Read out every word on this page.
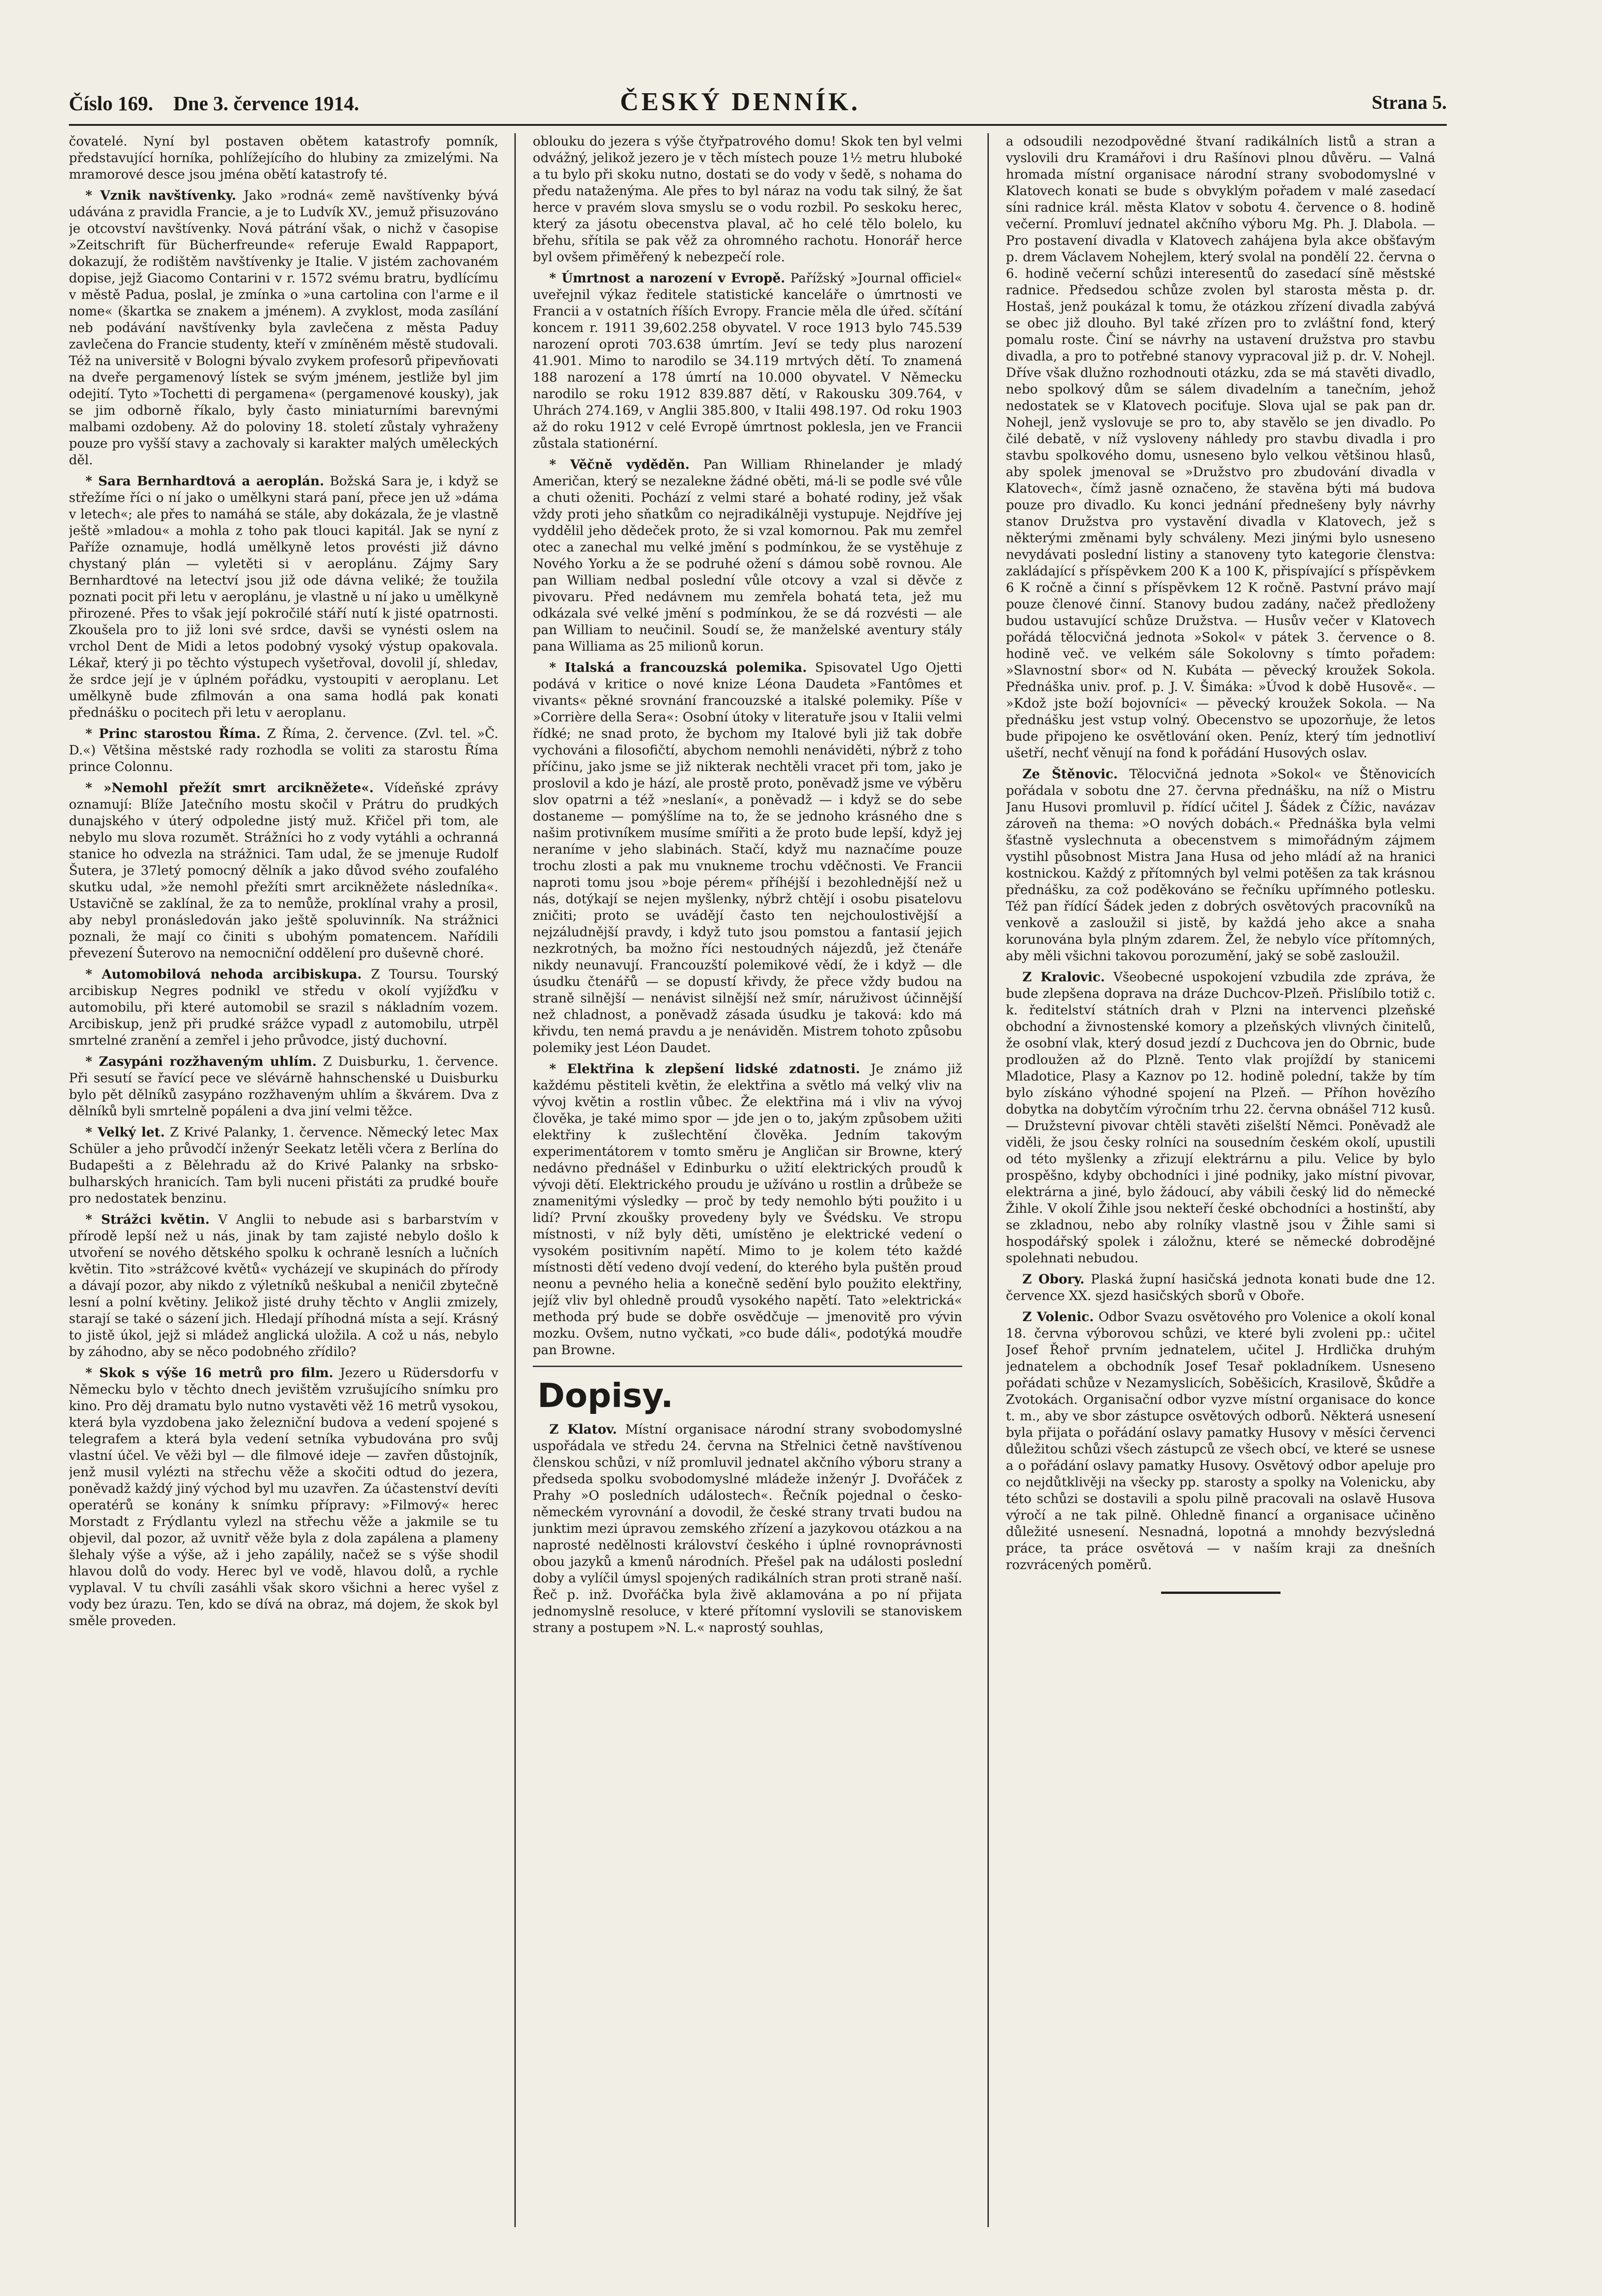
Číslo 169. Dne 3. července 1914.	ČESKÝ DENNÍK.	Strana 5.

čovatelé. Nyní byl postaven obětem katastrofy pomník, představující horníka, pohlížejícího do hlubiny za zmizelými. Na mramorové desce jsou jména obětí katastrofy té.

* Vznik navštívenky. Jako »rodná« země navštívenky bývá udávána z pravidla Francie, a je to Ludvík XV., jemuž přisuzováno je otcovství navštívenky. Nová pátrání však, o nichž v časopise »Zeitschrift für Bücherfreunde« referuje Ewald Rappaport, dokazují, že rodištěm navštívenky je Italie. V jistém zachovaném dopise, jejž Giacomo Contarini v r. 1572 svému bratru, bydlícímu v městě Padua, poslal, je zmínka o »una cartolina con l'arme e il nome« (škartka se znakem a jménem). A zvyklost, moda zasílání neb podávání navštívenky byla zavlečena z města Paduy zavlečena do Francie studenty, kteří v zmíněném městě studovali. Též na universitě v Bologni bývalo zvykem profesorů připevňovati na dveře pergamenový lístek se svým jménem, jestliže byl jim odejití. Tyto »Tochetti di pergamena« (pergamenové kousky), jak se jim odborně říkalo, byly často miniaturními barevnými malbami ozdobeny. Až do poloviny 18. století zůstaly vyhraženy pouze pro vyšší stavy a zachovaly si karakter malých uměleckých děl.

* Sara Bernhardtová a aeroplán. Božská Sara je, i když se střežíme říci o ní jako o umělkyni stará paní, přece jen už »dáma v letech«; ale přes to namáhá se stále, aby dokázala, že je vlastně ještě »mladou« a mohla z toho pak tlouci kapitál. Jak se nyní z Paříže oznamuje, hodlá umělkyně letos provésti již dávno chystaný plán — vyletěti si v aeroplánu. Zájmy Sary Bernhardtové na letectví jsou již ode dávna veliké; že toužila poznati pocit při letu v aeroplánu, je vlastně u ní jako u umělkyně přirozené. Přes to však její pokročilé stáří nutí k jisté opatrnosti. Zkoušela pro to již loni své srdce, davši se vynésti oslem na vrchol Dent de Midi a letos podobný vysoký výstup opakovala. Lékař, který ji po těchto výstupech vyšetřoval, dovolil jí, shledav, že srdce její je v úplném pořádku, vystoupiti v aeroplanu. Let umělkyně bude zfilmován a ona sama hodlá pak konati přednášku o pocitech při letu v aeroplanu.

* Princ starostou Říma. Z Říma, 2. července. (Zvl. tel. »Č. D.«) Většina městské rady rozhodla se voliti za starostu Říma prince Colonnu.

* »Nemohl přežít smrt arcikněžete«. Vídeňské zprávy oznamují: Blíže Jatečního mostu skočil v Prátru do prudkých dunajského v úterý odpoledne jistý muž. Křičel při tom, ale nebylo mu slova rozumět. Strážníci ho z vody vytáhli a ochranná stanice ho odvezla na strážnici. Tam udal, že se jmenuje Rudolf Šutera, je 37letý pomocný dělník a jako důvod svého zoufalého skutku udal, »že nemohl přežíti smrt arcikněžete následníka«. Ustavičně se zaklínal, že za to nemůže, proklínal vrahy a prosil, aby nebyl pronásledován jako ještě spoluvinník. Na strážnici poznali, že mají co činiti s ubohým pomatencem. Nařídili převezení Šuterovo na nemocniční oddělení pro duševně choré.

* Automobilová nehoda arcibiskupa. Z Toursu. Tourský arcibiskup Negres podnikl ve středu v okolí vyjížďku v automobilu, při které automobil se srazil s nákladním vozem. Arcibiskup, jenž při prudké srážce vypadl z automobilu, utrpěl smrtelné zranění a zemřel i jeho průvodce, jistý duchovní.

* Zasypáni rozžhaveným uhlím. Z Duisburku, 1. července. Při sesutí se řavící pece ve slévárně hahnschenské u Duisburku bylo pět dělníků zasypáno rozžhaveným uhlím a škvárem. Dva z dělníků byli smrtelně popáleni a dva jiní velmi těžce.

* Velký let. Z Krivé Palanky, 1. července. Německý letec Max Schüler a jeho průvodčí inženýr Seekatz letěli včera z Berlína do Budapešti a z Bělehradu až do Krivé Palanky na srbsko-bulharských hranicích. Tam byli nuceni přistáti za prudké bouře pro nedostatek benzinu.

* Strážci květin. V Anglii to nebude asi s barbarstvím v přírodě lepší než u nás, jinak by tam zajisté nebylo došlo k utvoření se nového dětského spolku k ochraně lesních a lučních květin. Tito »strážcové květů« vycházejí ve skupinách do přírody a dávají pozor, aby nikdo z výletníků neškubal a neničil zbytečně lesní a polní květiny. Jelikož jisté druhy těchto v Anglii zmizely, starají se také o sázení jich. Hledají příhodná místa a sejí. Krásný to jistě úkol, jejž si mládež anglická uložila. A což u nás, nebylo by záhodno, aby se něco podobného zřídilo?

* Skok s výše 16 metrů pro film. Jezero u Rüdersdorfu v Německu bylo v těchto dnech jevištěm vzrušujícího snímku pro kino. Pro děj dramatu bylo nutno vystavěti věž 16 metrů vysokou, která byla vyzdobena jako železniční budova a vedení spojené s telegrafem a která byla vedení setníka vybudována pro svůj vlastní účel. Ve věži byl — dle filmové ideje — zavřen důstojník, jenž musil vylézti na střechu věže a skočiti odtud do jezera, poněvadž každý jiný východ byl mu uzavřen. Za účastenství devíti operatérů se konány k snímku přípravy: »Filmový« herec Morstadt z Frýdlantu vylezl na střechu věže a jakmile se tu objevil, dal pozor, až uvnitř věže byla z dola zapálena a plameny šlehaly výše a výše, až i jeho zapálily, načež se s výše shodil hlavou dolů do vody. Herec byl ve vodě, hlavou dolů, a rychle vyplaval. V tu chvíli zasáhli však skoro všichni a herec vyšel z vody bez úrazu. Ten, kdo se dívá na obraz, má dojem, že skok byl směle proveden.

oblouku do jezera s výše čtyřpatrového domu! Skok ten byl velmi odvážný, jelikož jezero je v těch místech pouze 1½ metru hluboké a tu bylo při skoku nutno, dostati se do vody v šedě, s nohama do předu nataženýma. Ale přes to byl náraz na vodu tak silný, že šat herce v pravém slova smyslu se o vodu rozbil. Po seskoku herec, který za jásotu obecenstva plaval, ač ho celé tělo bolelo, ku břehu, sřítila se pak věž za ohromného rachotu. Honorář herce byl ovšem přiměřený k nebezpečí role.

* Úmrtnost a narození v Evropě. Pařížský »Journal officiel« uveřejnil výkaz ředitele statistické kanceláře o úmrtnosti ve Francii a v ostatních říších Evropy. Francie měla dle úřed. sčítání koncem r. 1911 39,602.258 obyvatel. V roce 1913 bylo 745.539 narození oproti 703.638 úmrtím. Jeví se tedy plus narození 41.901. Mimo to narodilo se 34.119 mrtvých dětí. To znamená 188 narození a 178 úmrtí na 10.000 obyvatel. V Německu narodilo se roku 1912 839.887 dětí, v Rakousku 309.764, v Uhrách 274.169, v Anglii 385.800, v Italii 498.197. Od roku 1903 až do roku 1912 v celé Evropě úmrtnost poklesla, jen ve Francii zůstala stationérní.

* Věčně vyděděn. Pan William Rhinelander je mladý Američan, který se nezalekne žádné oběti, má-li se podle své vůle a chuti oženiti. Pochází z velmi staré a bohaté rodiny, jež však vždy proti jeho sňatkům co nejradikálněji vystupuje. Nejdříve jej vyddělil jeho dědeček proto, že si vzal komornou. Pak mu zemřel otec a zanechal mu velké jmění s podmínkou, že se vystěhuje z Nového Yorku a že se podruhé ožení s dámou sobě rovnou. Ale pan William nedbal poslední vůle otcovy a vzal si děvče z pivovaru. Před nedávnem mu zemřela bohatá teta, jež mu odkázala své velké jmění s podmínkou, že se dá rozvésti — ale pan William to neučinil. Soudí se, že manželské aventury stály pana Williama as 25 milionů korun.

* Italská a francouzská polemika. Spisovatel Ugo Ojetti podává v kritice o nové knize Léona Daudeta »Fantômes et vivants« pěkné srovnání francouzské a italské polemiky. Píše v »Corrière della Sera«: Osobní útoky v literatuře jsou v Italii velmi řídké; ne snad proto, že bychom my Italové byli již tak dobře vychováni a filosofičtí, abychom nemohli nenáviděti, nýbrž z toho příčinu, jako jsme se již nikterak nechtěli vracet při tom, jako je proslovil a kdo je hází, ale prostě proto, poněvadž jsme ve výběru slov opatrni a též »neslaní«, a poněvadž — i když se do sebe dostaneme — pomýšlíme na to, že se jednoho krásného dne s našim protivníkem musíme smířiti a že proto bude lepší, když jej neraníme v jeho slabinách. Stačí, když mu naznačíme pouze trochu zlosti a pak mu vnukneme trochu vděčnosti. Ve Francii naproti tomu jsou »boje pérem« příhéjší i bezohlednější než u nás, dotýkají se nejen myšlenky, nýbrž chtějí i osobu pisatelovu zničiti; proto se uvádějí často ten nejchoulostivější a nejzáludnější pravdy, i když tuto jsou pomstou a fantasií jejich nezkrotných, ba možno říci nestoudných nájezdů, jež čtenáře nikdy neunavují. Francouzští polemikové vědí, že i když — dle úsudku čtenářů — se dopustí křivdy, že přece vždy budou na straně silnější — nenávist silnější než smír, náruživost účinnější než chladnost, a poněvadž zásada úsudku je taková: kdo má křivdu, ten nemá pravdu a je nenáviděn. Mistrem tohoto způsobu polemiky jest Léon Daudet.

* Elektřina k zlepšení lidské zdatnosti. Je známo již každému pěstiteli květin, že elektřina a světlo má velký vliv na vývoj květin a rostlin vůbec. Že elektřina má i vliv na vývoj člověka, je také mimo spor — jde jen o to, jakým způsobem užiti elektřiny k zušlechtění člověka. Jedním takovým experimentátorem v tomto směru je Angličan sir Browne, který nedávno přednášel v Edinburku o užití elektrických proudů k vývoji dětí. Elektrického proudu je užíváno u rostlin a drůbeže se znamenitými výsledky — proč by tedy nemohlo býti použito i u lidí? První zkoušky provedeny byly ve Švédsku. Ve stropu místnosti, v níž byly děti, umístěno je elektrické vedení o vysokém positivním napětí. Mimo to je kolem této každé místnosti dětí vedeno dvojí vedení, do kterého byla puštěn proud neonu a pevného helia a konečně sedění bylo použito elektřiny, jejíž vliv byl ohledně proudů vysokého napětí. Tato »elektrická« methoda prý bude se dobře osvědčuje — jmenovitě pro vývin mozku. Ovšem, nutno vyčkati, »co bude dáli«, podotýká moudře pan Browne.

Dopisy.

Z Klatov. Místní organisace národní strany svobodomyslné uspořádala ve středu 24. června na Střelnici četně navštívenou členskou schůzi, v níž promluvil jednatel akčního výboru strany a předseda spolku svobodomyslné mládeže inženýr J. Dvořáček z Prahy »O posledních událostech«. Řečník pojednal o česko-německém vyrovnání a dovodil, že české strany trvati budou na junktim mezi úpravou zemského zřízení a jazykovou otázkou a na naprosté nedělnosti království českého i úplné rovnoprávnosti obou jazyků a kmenů národních. Přešel pak na události poslední doby a vylíčil úmysl spojených radikálních stran proti straně naší. Řeč p. inž. Dvořáčka byla živě aklamována a po ní přijata jednomyslně resoluce, v které přítomní vyslovili se stanoviskem strany a postupem »N. L.« naprostý souhlas,

a odsoudili nezodpovědné štvaní radikálních listů a stran a vyslovili dru Kramářovi i dru Rašínovi plnou důvěru. — Valná hromada místní organisace národní strany svobodomyslné v Klatovech konati se bude s obvyklým pořadem v malé zasedací síni radnice král. města Klatov v sobotu 4. července o 8. hodině večerní. Promluví jednatel akčního výboru Mg. Ph. J. Dlabola. — Pro postavení divadla v Klatovech zahájena byla akce obšťavým p. drem Václavem Nohejlem, který svolal na pondělí 22. června o 6. hodině večerní schůzi interesentů do zasedací síně městské radnice. Předsedou schůze zvolen byl starosta města p. dr. Hostaš, jenž poukázal k tomu, že otázkou zřízení divadla zabývá se obec již dlouho. Byl také zřízen pro to zvláštní fond, který pomalu roste. Činí se návrhy na ustavení družstva pro stavbu divadla, a pro to potřebné stanovy vypracoval již p. dr. V. Nohejl. Dříve však dlužno rozhodnouti otázku, zda se má stavěti divadlo, nebo spolkový dům se sálem divadelním a tanečním, jehož nedostatek se v Klatovech pociťuje. Slova ujal se pak pan dr. Nohejl, jenž vyslovuje se pro to, aby stavělo se jen divadlo. Po čilé debatě, v níž vysloveny náhledy pro stavbu divadla i pro stavbu spolkového domu, usneseno bylo velkou většinou hlasů, aby spolek jmenoval se »Družstvo pro zbudování divadla v Klatovech«, čímž jasně označeno, že stavěna býti má budova pouze pro divadlo. Ku konci jednání přednešeny byly návrhy stanov Družstva pro vystavění divadla v Klatovech, jež s některými změnami byly schváleny. Mezi jinými bylo usneseno nevydávati poslední listiny a stanoveny tyto kategorie členstva: zakládající s příspěvkem 200 K a 100 K, přispívající s příspěvkem 6 K ročně a činní s příspěvkem 12 K ročně. Pastvní právo mají pouze členové činní. Stanovy budou zadány, načež předloženy budou ustavující schůze Družstva. — Husův večer v Klatovech pořádá tělocvičná jednota »Sokol« v pátek 3. července o 8. hodině več. ve velkém sále Sokolovny s tímto pořadem: »Slavnostní sbor« od N. Kubáta — pěvecký kroužek Sokola. Přednáška univ. prof. p. J. V. Šimáka: »Úvod k době Husově«. — »Kdož jste boží bojovníci« — pěvecký kroužek Sokola. — Na přednášku jest vstup volný. Obecenstvo se upozorňuje, že letos bude připojeno ke osvětlování oken. Peníz, který tím jednotliví ušetří, nechť věnují na fond k pořádání Husových oslav.

Ze Štěnovic. Tělocvičná jednota »Sokol« ve Štěnovicích pořádala v sobotu dne 27. června přednášku, na níž o Mistru Janu Husovi promluvil p. řídící učitel J. Šádek z Čížic, navázav zároveň na thema: »O nových dobách.« Přednáška byla velmi šťastně vyslechnuta a obecenstvem s mimořádným zájmem vystihl působnost Mistra Jana Husa od jeho mládí až na hranici kostnickou. Každý z přítomných byl velmi potěšen za tak krásnou přednášku, za což poděkováno se řečníku upřímného potlesku. Též pan řídící Šádek jeden z dobrých osvětových pracovníků na venkově a zasloužil si jistě, by každá jeho akce a snaha korunována byla plným zdarem. Žel, že nebylo více přítomných, aby měli všichni takovou porozumění, jaký se sobě zasloužil.

Z Kralovic. Všeobecné uspokojení vzbudila zde zpráva, že bude zlepšena doprava na dráze Duchcov-Plzeň. Přislíbilo totiž c. k. ředitelství státních drah v Plzni na intervenci plzeňské obchodní a živnostenské komory a plzeňských vlivných činitelů, že osobní vlak, který dosud jezdí z Duchcova jen do Obrnic, bude prodloužen až do Plzně. Tento vlak projíždí by stanicemi Mladotice, Plasy a Kaznov po 12. hodině polední, takže by tím bylo získáno výhodné spojení na Plzeň. — Příhon hovězího dobytka na dobytčím výročním trhu 22. června obnášel 712 kusů. — Družstevní pivovar chtěli stavěti zišelští Němci. Poněvadž ale viděli, že jsou česky rolníci na sousedním českém okolí, upustili od této myšlenky a zřizují elektrárnu a pilu. Velice by bylo prospěšno, kdyby obchodníci i jiné podniky, jako místní pivovar, elektrárna a jiné, bylo žádoucí, aby vábili český lid do německé Žihle. V okolí Žihle jsou nekteří české obchodníci a hostinští, aby se zkladnou, nebo aby rolníky vlastně jsou v Žihle sami si hospodářský spolek i záložnu, které se německé dobrodějné spolehnati nebudou.

Z Obory. Plaská župní hasičská jednota konati bude dne 12. července XX. sjezd hasičských sborů v Oboře.

Z Volenic. Odbor Svazu osvětového pro Volenice a okolí konal 18. června výborovou schůzi, ve které byli zvoleni pp.: učitel Josef Řehoř prvním jednatelem, učitel J. Hrdlička druhým jednatelem a obchodník Josef Tesař pokladníkem. Usneseno pořádati schůze v Nezamyslicích, Soběšicích, Krasilově, Škůdře a Zvotokách. Organisační odbor vyzve místní organisace do konce t. m., aby ve sbor zástupce osvětových odborů. Některá usnesení byla přijata o pořádání oslavy pamatky Husovy v měsíci červenci důležitou schůzi všech zástupců ze všech obcí, ve které se usnese a o pořádání oslavy pamatky Husovy. Osvětový odbor apeluje pro co nejdůtklivěji na všecky pp. starosty a spolky na Volenicku, aby této schůzi se dostavili a spolu pilně pracovali na oslavě Husova výročí a ne tak pilně. Ohledně financí a organisace učiněno důležité usnesení. Nesnadná, lopotná a mnohdy bezvýsledná práce, ta práce osvětová — v naším kraji za dnešních rozvrácených poměrů.
